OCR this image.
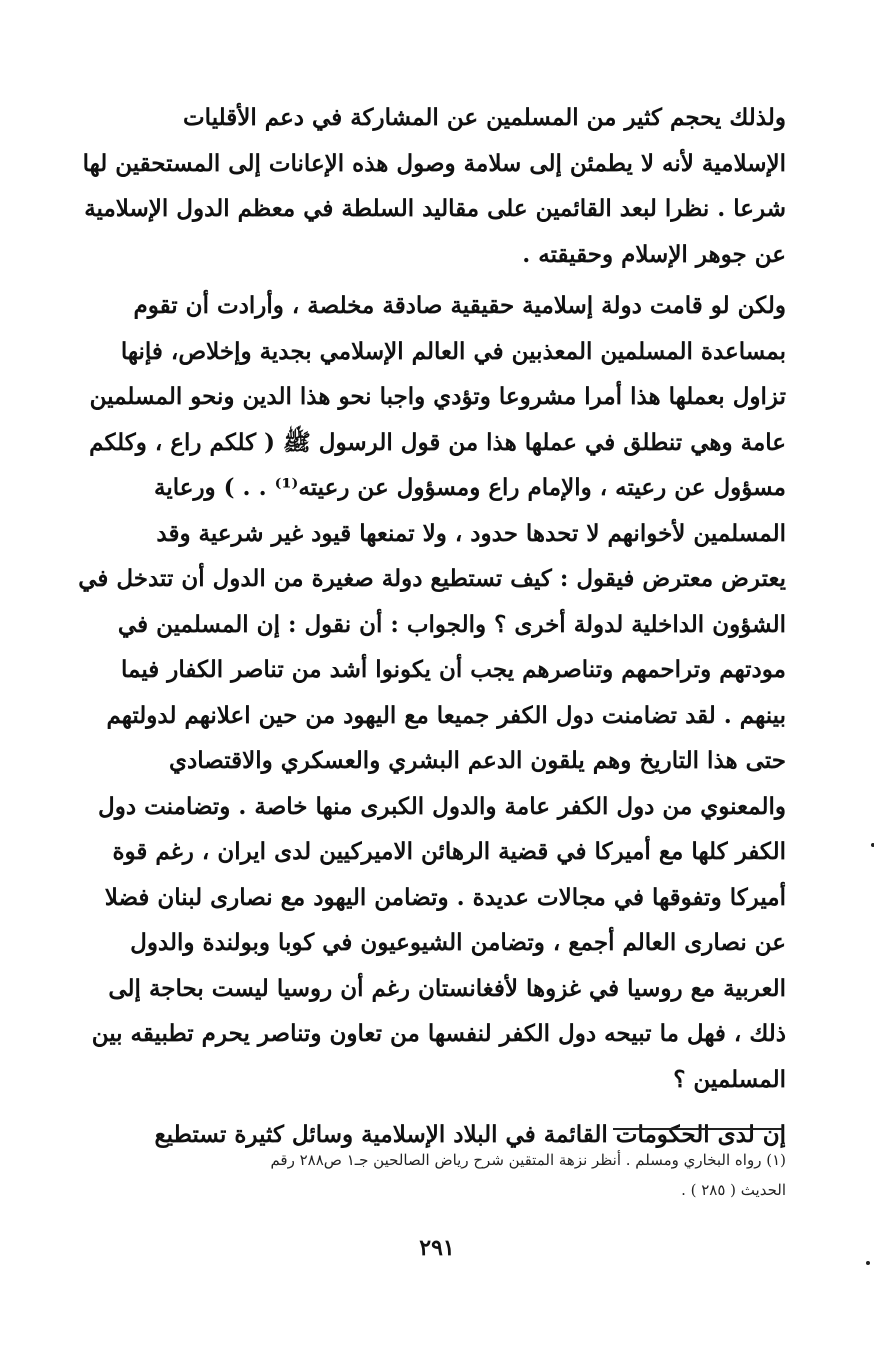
ولذلك يحجم كثير من المسلمين عن المشاركة في دعم الأقليات
الإسلامية لأنه لا يطمئن إلى سلامة وصول هذه الإعانات إلى المستحقين لها
شرعا . نظرا لبعد القائمين على مقاليد السلطة في معظم الدول الإسلامية
عن جوهر الإسلام وحقيقته .

ولكن لو قامت دولة إسلامية حقيقية صادقة مخلصة ، وأرادت أن تقوم
بمساعدة المسلمين المعذبين في العالم الإسلامي بجدية وإخلاص، فإنها
تزاول بعملها هذا أمرا مشروعا وتؤدي واجبا نحو هذا الدين ونحو المسلمين
عامة وهي تنطلق في عملها هذا من قول الرسول ﷺ ( كلكم راع ، وكلكم
مسؤول عن رعيته ، والإمام راع ومسؤول عن رعيته⁽¹⁾ . . ) ورعاية
المسلمين لأخوانهم لا تحدها حدود ، ولا تمنعها قيود غير شرعية وقد
يعترض معترض فيقول : كيف تستطيع دولة صغيرة من الدول أن تتدخل في
الشؤون الداخلية لدولة أخرى ؟ والجواب : أن نقول : إن المسلمين في
مودتهم وتراحمهم وتناصرهم يجب أن يكونوا أشد من تناصر الكفار فيما
بينهم . لقد تضامنت دول الكفر جميعا مع اليهود من حين اعلانهم لدولتهم
حتى هذا التاريخ وهم يلقون الدعم البشري والعسكري والاقتصادي
والمعنوي من دول الكفر عامة والدول الكبرى منها خاصة . وتضامنت دول
الكفر كلها مع أميركا في قضية الرهائن الاميركيين لدى ايران ، رغم قوة
أميركا وتفوقها في مجالات عديدة . وتضامن اليهود مع نصارى لبنان فضلا
عن نصارى العالم أجمع ، وتضامن الشيوعيون في كوبا وبولندة والدول
العربية مع روسيا في غزوها لأفغانستان رغم أن روسيا ليست بحاجة إلى
ذلك ، فهل ما تبيحه دول الكفر لنفسها من تعاون وتناصر يحرم تطبيقه بين
المسلمين ؟

إن لدى الحكومات القائمة في البلاد الإسلامية وسائل كثيرة تستطيع

(١) رواه البخاري ومسلم . أنظر نزهة المتقين شرح رياض الصالحين جـ١ ص٢٨٨ رقم
الحديث ( ٢٨٥ ) .
٢٩١
